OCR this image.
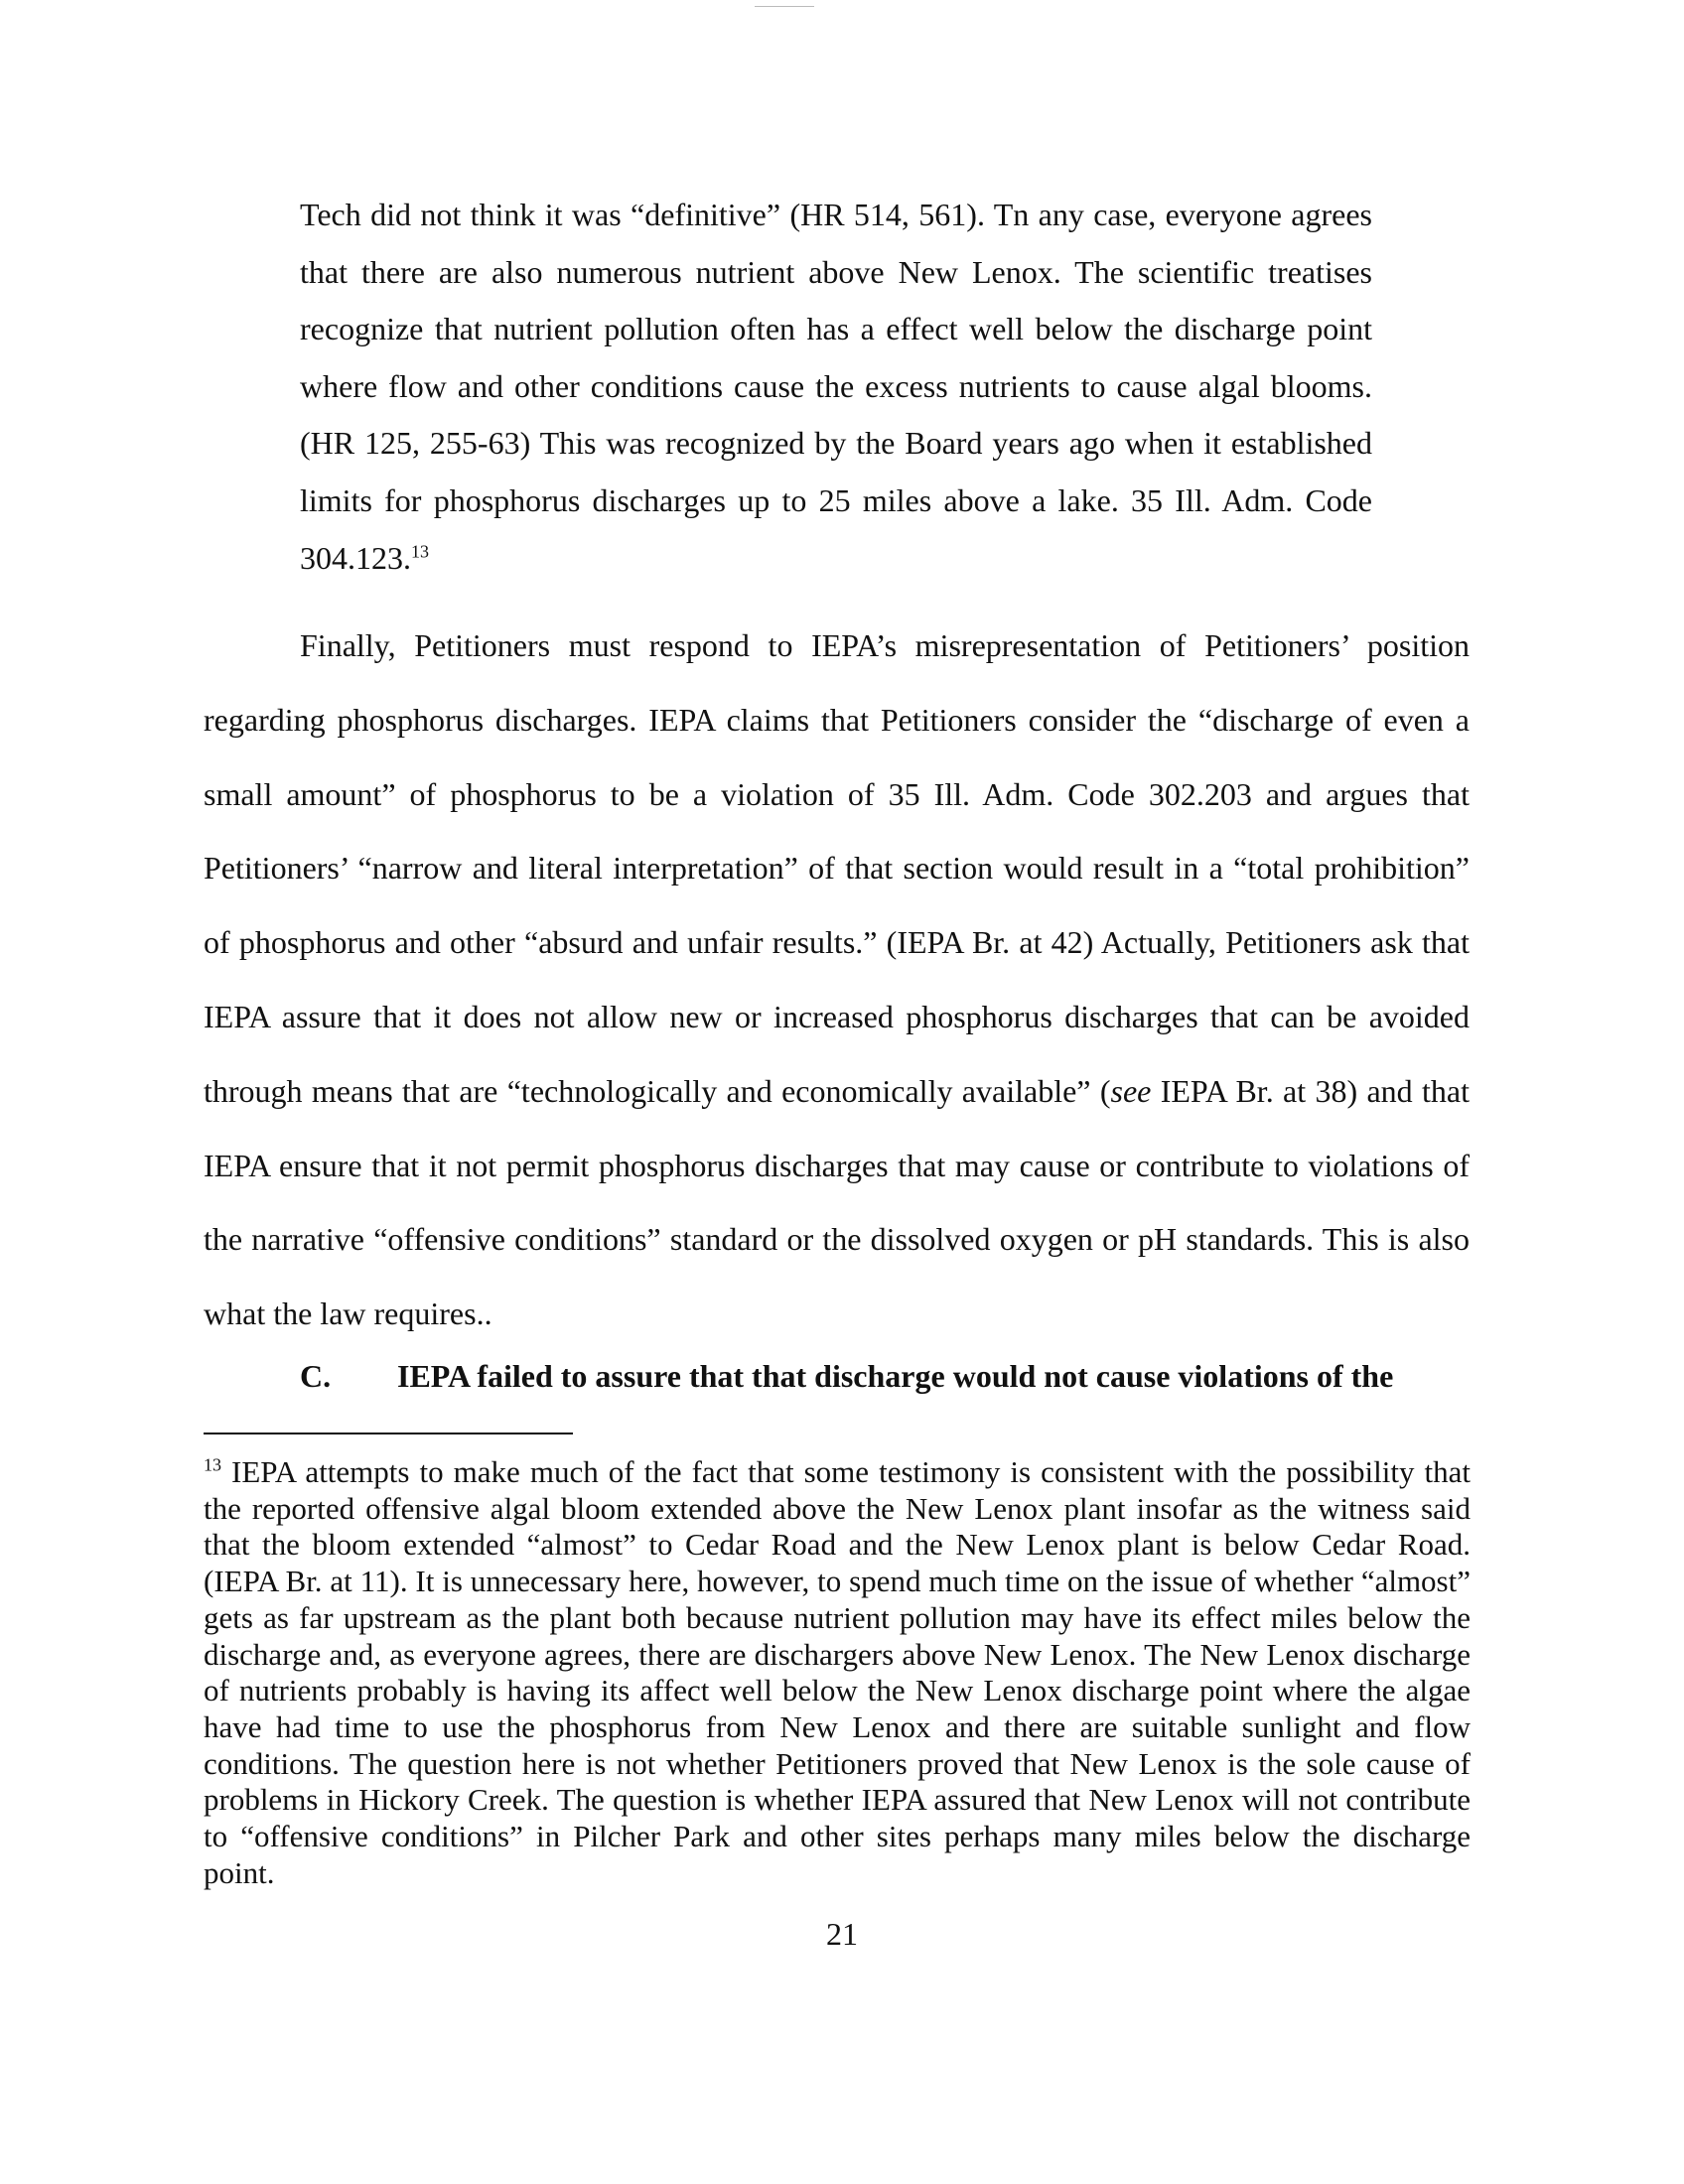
Tech did not think it was “definitive” (HR 514, 561). Tn any case, everyone agrees that there are also numerous nutrient above New Lenox. The scientific treatises recognize that nutrient pollution often has a effect well below the discharge point where flow and other conditions cause the excess nutrients to cause algal blooms. (HR 125, 255-63) This was recognized by the Board years ago when it established limits for phosphorus discharges up to 25 miles above a lake. 35 Ill. Adm. Code 304.123.13
Finally, Petitioners must respond to IEPA’s misrepresentation of Petitioners’ position regarding phosphorus discharges. IEPA claims that Petitioners consider the “discharge of even a small amount” of phosphorus to be a violation of 35 Ill. Adm. Code 302.203 and argues that Petitioners’ “narrow and literal interpretation” of that section would result in a “total prohibition” of phosphorus and other “absurd and unfair results.” (IEPA Br. at 42) Actually, Petitioners ask that IEPA assure that it does not allow new or increased phosphorus discharges that can be avoided through means that are “technologically and economically available” (see IEPA Br. at 38) and that IEPA ensure that it not permit phosphorus discharges that may cause or contribute to violations of the narrative “offensive conditions” standard or the dissolved oxygen or pH standards. This is also what the law requires..
C. IEPA failed to assure that that discharge would not cause violations of the
$^{13}$ IEPA attempts to make much of the fact that some testimony is consistent with the possibility that the reported offensive algal bloom extended above the New Lenox plant insofar as the witness said that the bloom extended “almost” to Cedar Road and the New Lenox plant is below Cedar Road. (IEPA Br. at 11). It is unnecessary here, however, to spend much time on the issue of whether “almost” gets as far upstream as the plant both because nutrient pollution may have its effect miles below the discharge and, as everyone agrees, there are dischargers above New Lenox. The New Lenox discharge of nutrients probably is having its affect well below the New Lenox discharge point where the algae have had time to use the phosphorus from New Lenox and there are suitable sunlight and flow conditions. The question here is not whether Petitioners proved that New Lenox is the sole cause of problems in Hickory Creek. The question is whether IEPA assured that New Lenox will not contribute to “offensive conditions” in Pilcher Park and other sites perhaps many miles below the discharge point.
21
